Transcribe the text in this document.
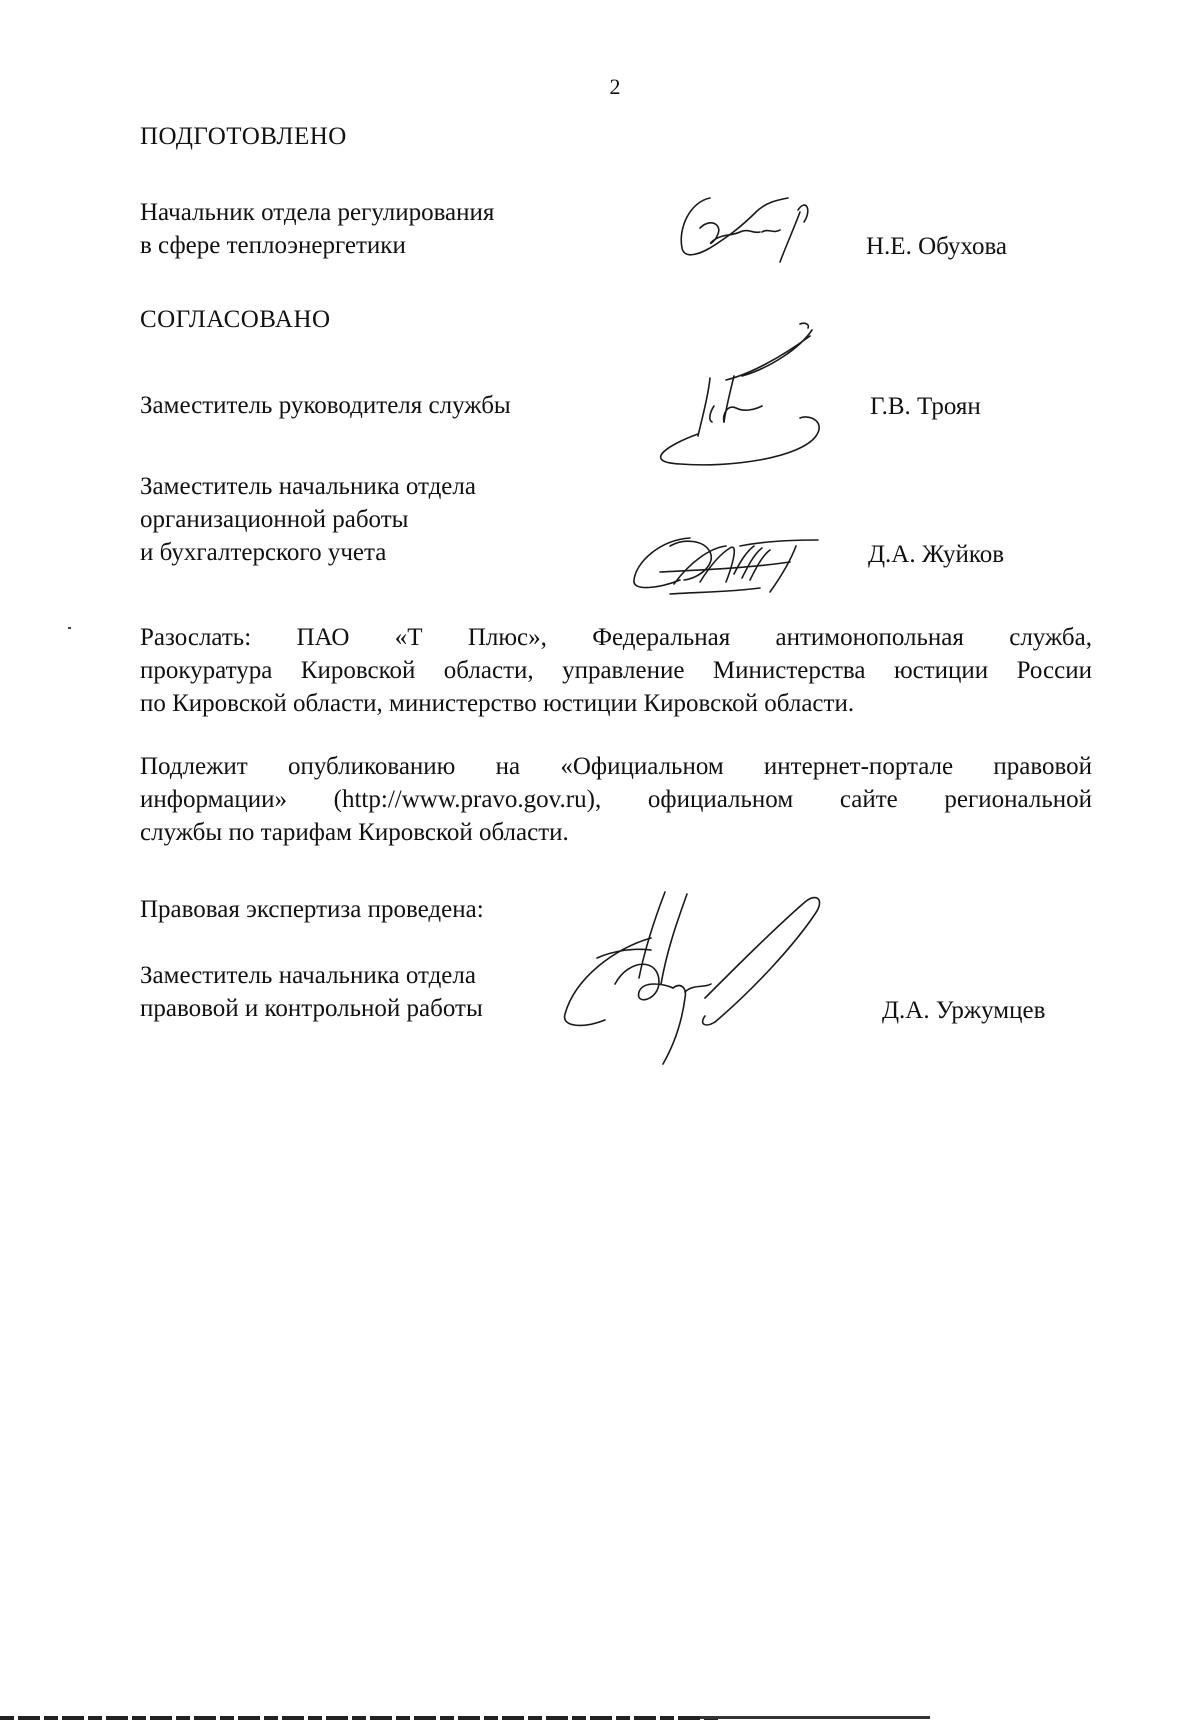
2
ПОДГОТОВЛЕНО
Начальник отдела регулирования
в сфере теплоэнергетики	Н.Е. Обухова
СОГЛАСОВАНО
Заместитель руководителя службы	Г.В. Троян
Заместитель начальника отдела
организационной работы
и бухгалтерского учета	Д.А. Жуйков
Разослать: ПАО «Т Плюс», Федеральная антимонопольная служба,
прокуратура Кировской области, управление Министерства юстиции России
по Кировской области, министерство юстиции Кировской области.
Подлежит опубликованию на «Официальном интернет-портале правовой
информации» (http://www.pravo.gov.ru), официальном сайте региональной
службы по тарифам Кировской области.
Правовая экспертиза проведена:
Заместитель начальника отдела
правовой и контрольной работы	Д.А. Уржумцев
